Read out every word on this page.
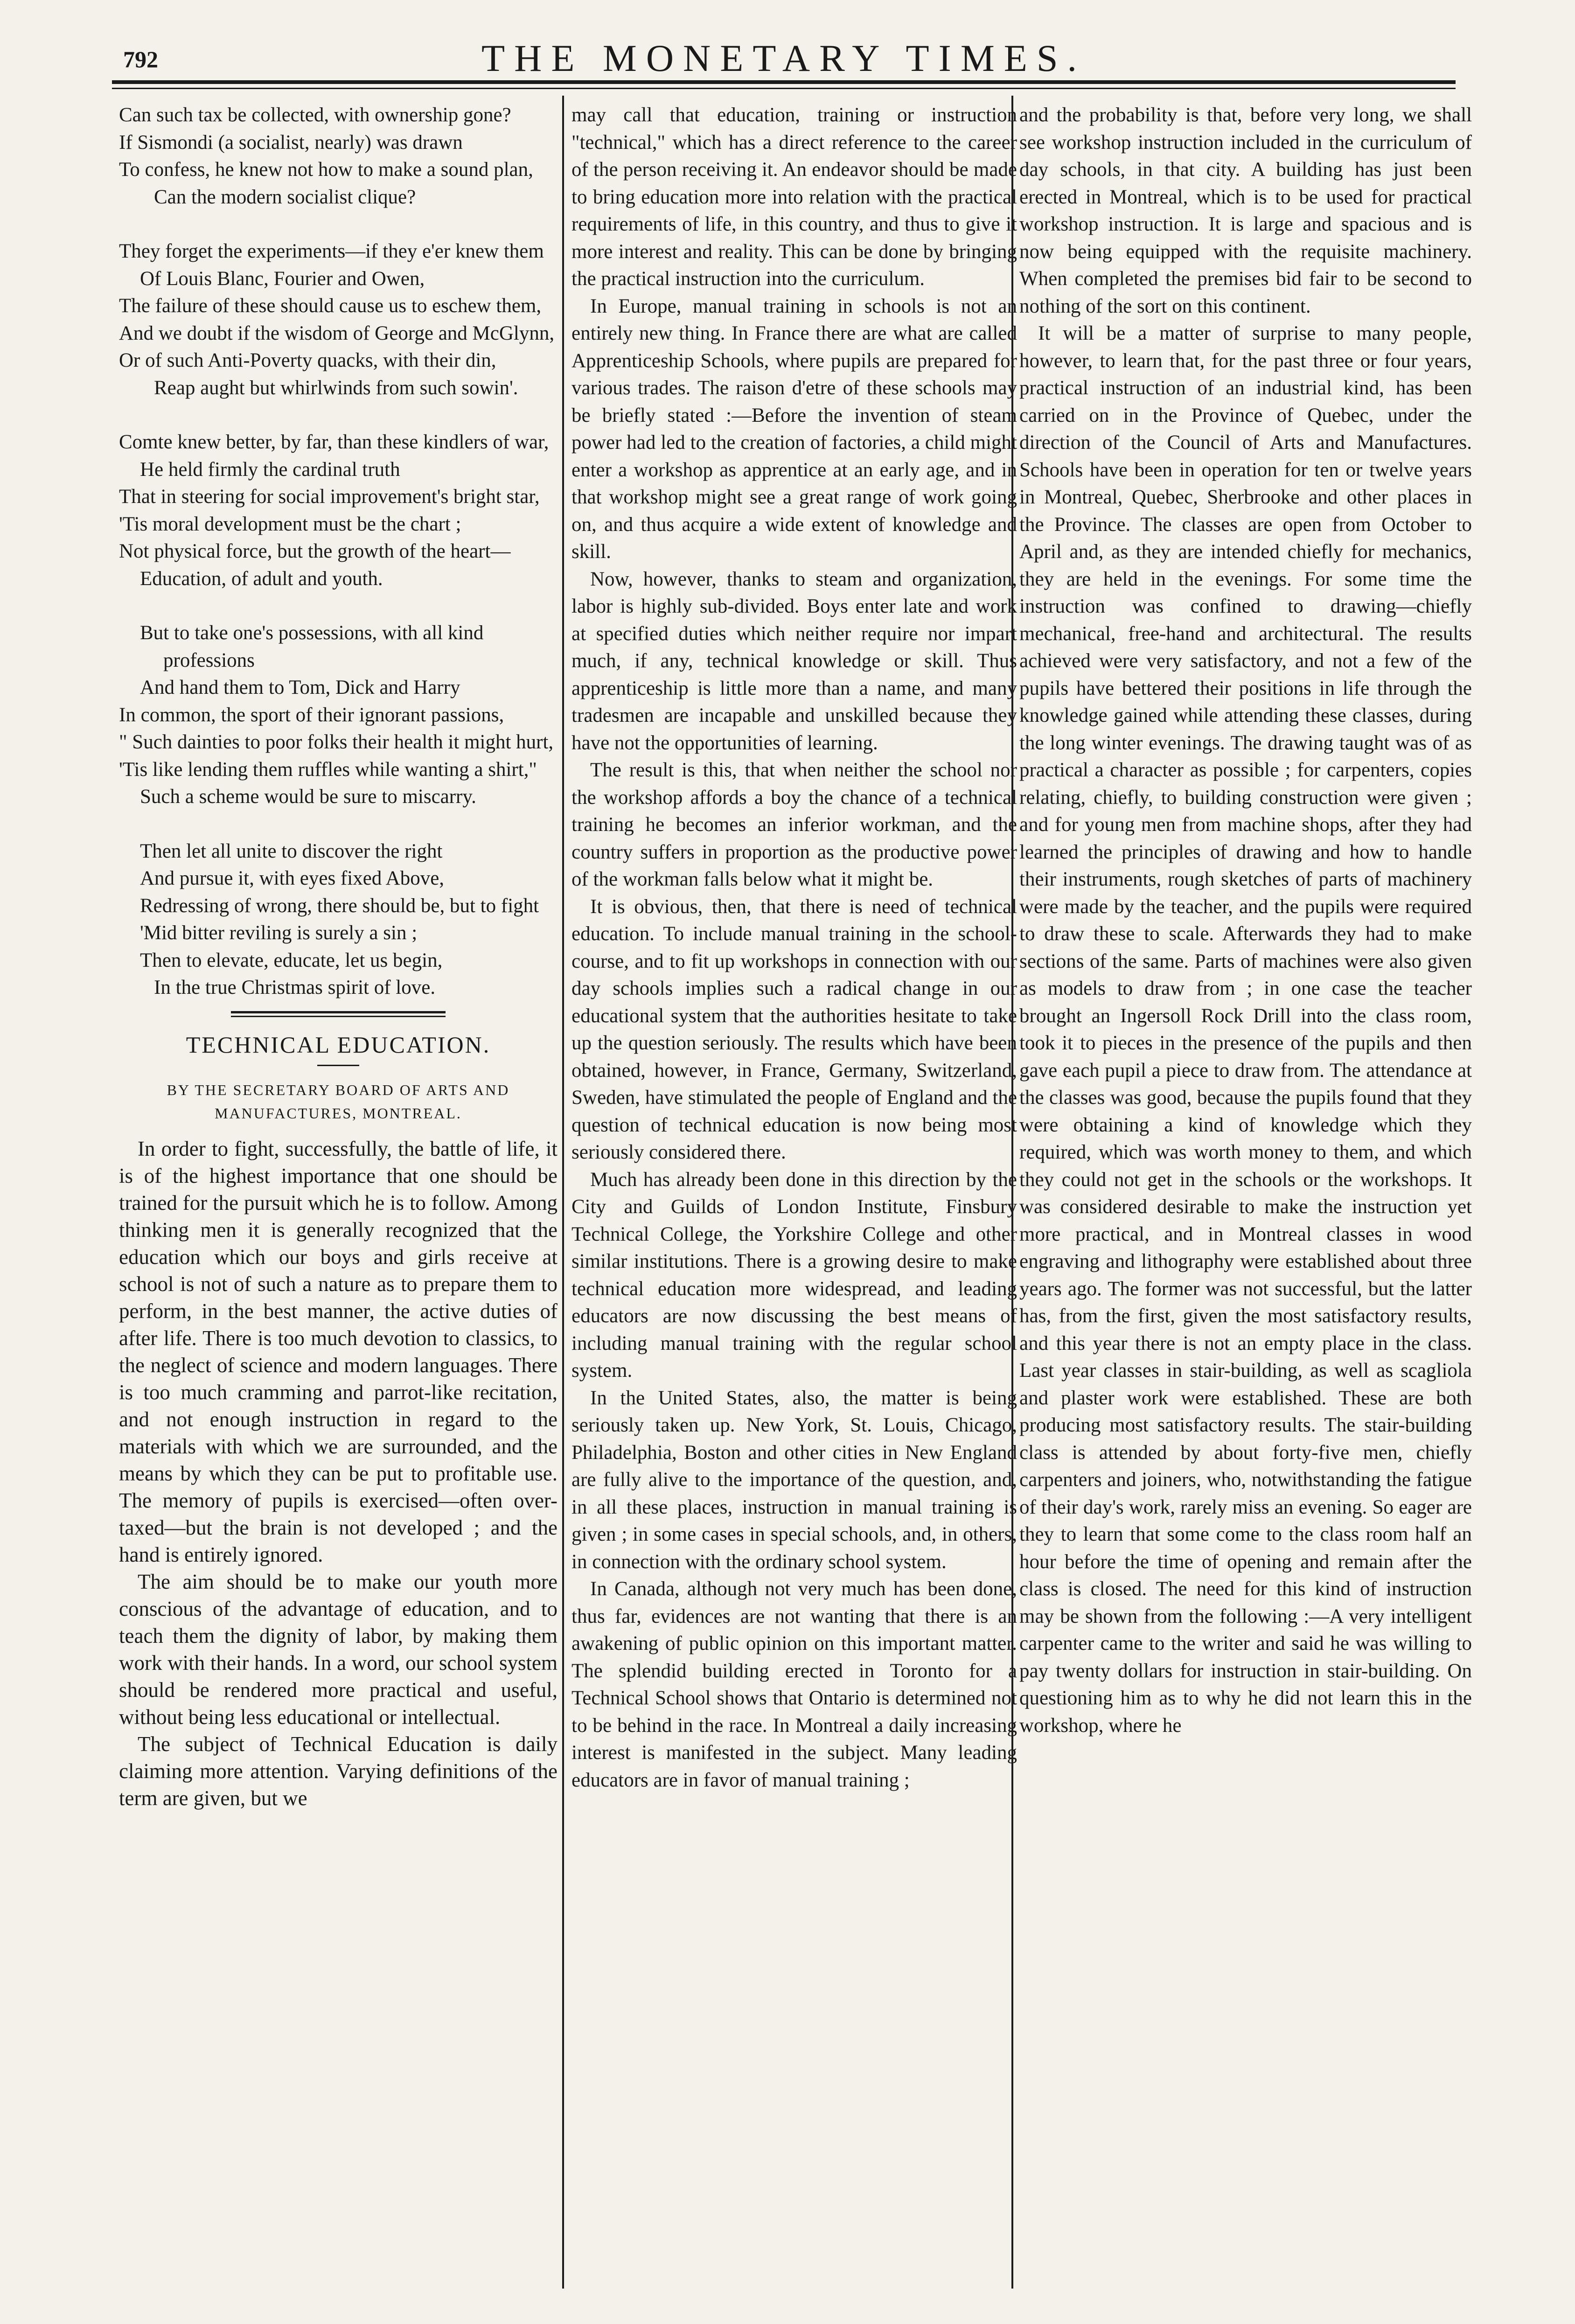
792	THE MONETARY TIMES.
Can such tax be collected, with ownership gone?
If Sismondi (a socialist, nearly) was drawn
To confess, he knew not how to make a sound plan,
Can the modern socialist clique?
They forget the experiments—if they e'er knew them
Of Louis Blanc, Fourier and Owen,
The failure of these should cause us to eschew them,
And we doubt if the wisdom of George and McGlynn,
Or of such Anti-Poverty quacks, with their din,
Reap aught but whirlwinds from such sowin'.
Comte knew better, by far, than these kindlers of war,
He held firmly the cardinal truth
That in steering for social improvement's bright star,
'Tis moral development must be the chart ;
Not physical force, but the growth of the heart—
Education, of adult and youth.
But to take one's possessions, with all kind professions
And hand them to Tom, Dick and Harry
In common, the sport of their ignorant passions,
" Such dainties to poor folks their health it might hurt,
'Tis like lending them ruffles while wanting a shirt,"
Such a scheme would be sure to miscarry.
Then let all unite to discover the right
And pursue it, with eyes fixed Above,
Redressing of wrong, there should be, but to fight
'Mid bitter reviling is surely a sin ;
Then to elevate, educate, let us begin,
In the true Christmas spirit of love.
TECHNICAL EDUCATION.
BY THE SECRETARY BOARD OF ARTS AND
MANUFACTURES, MONTREAL.

In order to fight, successfully, the battle of life, it is of the highest importance that one should be trained for the pursuit which he is to follow. Among thinking men it is generally recognized that the education which our boys and girls receive at school is not of such a nature as to prepare them to perform, in the best manner, the active duties of after life. There is too much devotion to classics, to the neglect of science and modern languages. There is too much cramming and parrot-like recitation, and not enough instruction in regard to the materials with which we are surrounded, and the means by which they can be put to profitable use. The memory of pupils is exercised—often over-taxed—but the brain is not developed ; and the hand is entirely ignored.

The aim should be to make our youth more conscious of the advantage of education, and to teach them the dignity of labor, by making them work with their hands. In a word, our school system should be rendered more practical and useful, without being less educational or intellectual.

The subject of Technical Education is daily claiming more attention. Varying definitions of the term are given, but we

may call that education, training or instruction "technical," which has a direct reference to the career of the person receiving it. An endeavor should be made to bring education more into relation with the practical requirements of life, in this country, and thus to give it more interest and reality. This can be done by bringing the practical instruction into the curriculum.

In Europe, manual training in schools is not an entirely new thing. In France there are what are called Apprenticeship Schools, where pupils are prepared for various trades. The raison d'etre of these schools may be briefly stated :—Before the invention of steam power had led to the creation of factories, a child might enter a workshop as apprentice at an early age, and in that workshop might see a great range of work going on, and thus acquire a wide extent of knowledge and skill.

Now, however, thanks to steam and organization, labor is highly sub-divided. Boys enter late and work at specified duties which neither require nor impart much, if any, technical knowledge or skill. Thus apprenticeship is little more than a name, and many tradesmen are incapable and unskilled because they have not the opportunities of learning.

The result is this, that when neither the school nor the workshop affords a boy the chance of a technical training he becomes an inferior workman, and the country suffers in proportion as the productive power of the workman falls below what it might be.

It is obvious, then, that there is need of technical education. To include manual training in the school-course, and to fit up workshops in connection with our day schools implies such a radical change in our educational system that the authorities hesitate to take up the question seriously. The results which have been obtained, however, in France, Germany, Switzerland, Sweden, have stimulated the people of England and the question of technical education is now being most seriously considered there.

Much has already been done in this direction by the City and Guilds of London Institute, Finsbury Technical College, the Yorkshire College and other similar institutions. There is a growing desire to make technical education more widespread, and leading educators are now discussing the best means of including manual training with the regular school system.

In the United States, also, the matter is being seriously taken up. New York, St. Louis, Chicago, Philadelphia, Boston and other cities in New England are fully alive to the importance of the question, and, in all these places, instruction in manual training is given ; in some cases in special schools, and, in others, in connection with the ordinary school system.

In Canada, although not very much has been done, thus far, evidences are not wanting that there is an awakening of public opinion on this important matter. The splendid building erected in Toronto for a Technical School shows that Ontario is determined not to be behind in the race. In Montreal a daily increasing interest is manifested in the subject. Many leading educators are in favor of manual training ;

and the probability is that, before very long, we shall see workshop instruction included in the curriculum of day schools, in that city. A building has just been erected in Montreal, which is to be used for practical workshop instruction. It is large and spacious and is now being equipped with the requisite machinery. When completed the premises bid fair to be second to nothing of the sort on this continent.

It will be a matter of surprise to many people, however, to learn that, for the past three or four years, practical instruction of an industrial kind, has been carried on in the Province of Quebec, under the direction of the Council of Arts and Manufactures. Schools have been in operation for ten or twelve years in Montreal, Quebec, Sherbrooke and other places in the Province. The classes are open from October to April and, as they are intended chiefly for mechanics, they are held in the evenings. For some time the instruction was confined to drawing—chiefly mechanical, free-hand and architectural. The results achieved were very satisfactory, and not a few of the pupils have bettered their positions in life through the knowledge gained while attending these classes, during the long winter evenings. The drawing taught was of as practical a character as possible ; for carpenters, copies relating, chiefly, to building construction were given ; and for young men from machine shops, after they had learned the principles of drawing and how to handle their instruments, rough sketches of parts of machinery were made by the teacher, and the pupils were required to draw these to scale. Afterwards they had to make sections of the same. Parts of machines were also given as models to draw from ; in one case the teacher brought an Ingersoll Rock Drill into the class room, took it to pieces in the presence of the pupils and then gave each pupil a piece to draw from. The attendance at the classes was good, because the pupils found that they were obtaining a kind of knowledge which they required, which was worth money to them, and which they could not get in the schools or the workshops. It was considered desirable to make the instruction yet more practical, and in Montreal classes in wood engraving and lithography were established about three years ago. The former was not successful, but the latter has, from the first, given the most satisfactory results, and this year there is not an empty place in the class. Last year classes in stair-building, as well as scagliola and plaster work were established. These are both producing most satisfactory results. The stair-building class is attended by about forty-five men, chiefly carpenters and joiners, who, notwithstanding the fatigue of their day's work, rarely miss an evening. So eager are they to learn that some come to the class room half an hour before the time of opening and remain after the class is closed. The need for this kind of instruction may be shown from the following :—A very intelligent carpenter came to the writer and said he was willing to pay twenty dollars for instruction in stair-building. On questioning him as to why he did not learn this in the workshop, where he
